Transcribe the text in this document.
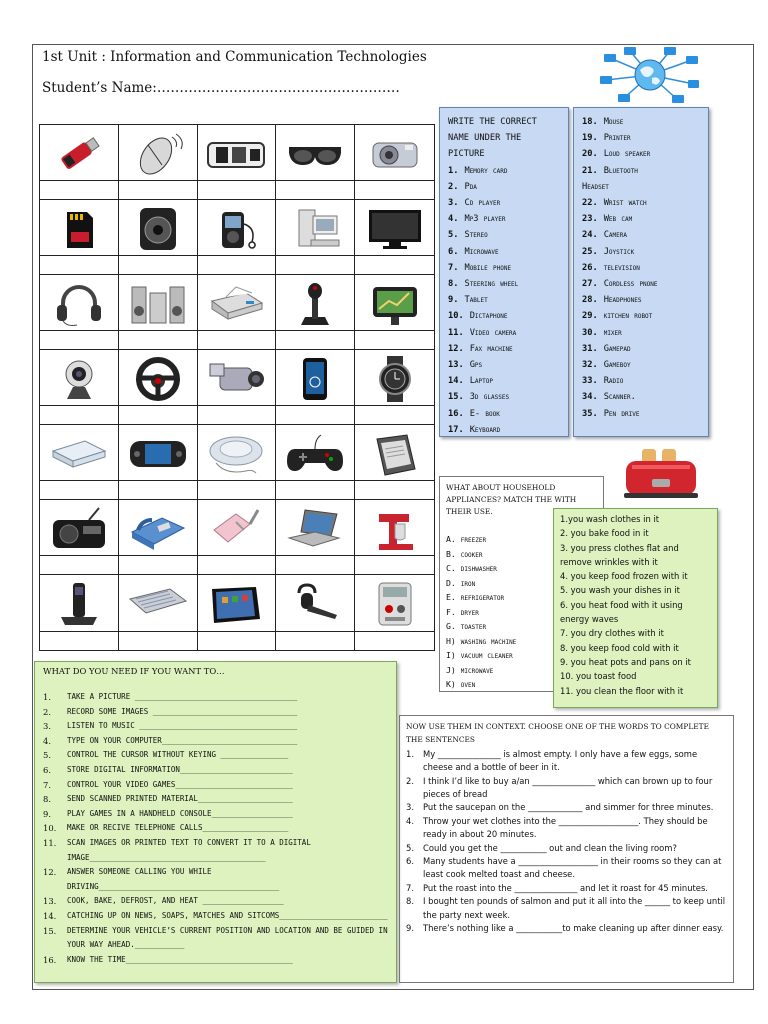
1st Unit : Information and Communication Technologies
Student’s Name:………………………………………………
WRITE THE CORRECT NAME UNDER THE PICTURE
1. Memory card
2. Pda
3. Cd player
4. Mp3 player
5. Stereo
6. Microwave
7. Mobile phone
8. Steering wheel
9. Tablet
10. Dictaphone
11. Video camera
12. Fax machine
13. Gps
14. Laptop
15. 3d glasses
16. E- book
17. Keyboard
18. Mouse
19. Printer
20. Loud speaker
21. Bluetooth
Headset
22. Wrist watch
23. Web cam
24. Camera
25. Joystick
26. television
27. Cordless pnone
28. Headphones
29. kitchen robot
30. mixer
31. Gamepad
32. Gameboy
33. Radio
34. Scanner.
35. Pen drive
WHAT ABOUT HOUSEHOLD APPLIANCES? MATCH THE WITH THEIR USE.
A. freezer
B. cooker
C. dishwasher
D. iron
E. refrigerator
F. dryer
G. toaster
H) washing machine
I) vacuum cleaner
J) microwave
K) oven
1.you wash clothes in it
2. you bake food in it
3. you press clothes flat and remove wrinkles with it
4. you keep food frozen with it
5. you wash your dishes in it
6. you heat food with it using energy waves
7. you dry clothes with it
8. you keep food cold with it
9. you heat pots and pans on it
10. you toast food
11. you clean the floor with it
WHAT DO YOU NEED IF YOU WANT TO…
1.	TAKE A PICTURE ____________________________________
2.	RECORD SOME IMAGES ________________________________
3.	LISTEN TO MUSIC ___________________________________
4.	TYPE ON YOUR COMPUTER______________________________
5.	CONTROL THE CURSOR WITHOUT KEYING _______________
6.	STORE DIGITAL INFORMATION_________________________
7.	CONTROL YOUR VIDEO GAMES__________________________
8.	SEND SCANNED PRINTED MATERIAL_____________________
9.	PLAY GAMES IN A HANDHELD CONSOLE__________________
10.	MAKE OR RECIVE TELEPHONE CALLS___________________
11.	SCAN IMAGES OR PRINTED TEXT TO CONVERT IT TO A DIGITAL IMAGE_______________________________________
12.	ANSWER SOMEONE CALLING YOU WHILE DRIVING________________________________________
13.	COOK, BAKE, DEFROST, AND HEAT __________________
14.	CATCHING UP ON NEWS, SOAPS, MATCHES AND SITCOMS________________________
15.	DETERMINE YOUR VEHICLE’S CURRENT POSITION AND LOCATION AND BE GUIDED IN YOUR WAY AHEAD.___________
16.	KNOW THE TIME_____________________________________
NOW USE THEM IN CONTEXT. CHOOSE ONE OF THE WORDS TO COMPLETE THE SENTENCES
1.	My _______________ is almost empty. I only have a few eggs, some cheese and a bottle of beer in it.
2.	I think I’d like to buy a/an _______________ which can brown up to four pieces of bread
3.	Put the saucepan on the _____________ and simmer for three minutes.
4.	Throw your wet clothes into the ___________________. They should be ready in about 20 minutes.
5.	Could you get the ___________ out and clean the living room?
6.	Many students have a ___________________ in their rooms so they can at least cook melted toast and cheese.
7.	Put the roast into the _______________ and let it roast for 45 minutes.
8.	I bought ten pounds of salmon and put it all into the ______ to keep until the party next week.
9.	There’s nothing like a ___________to make cleaning up after dinner easy.
